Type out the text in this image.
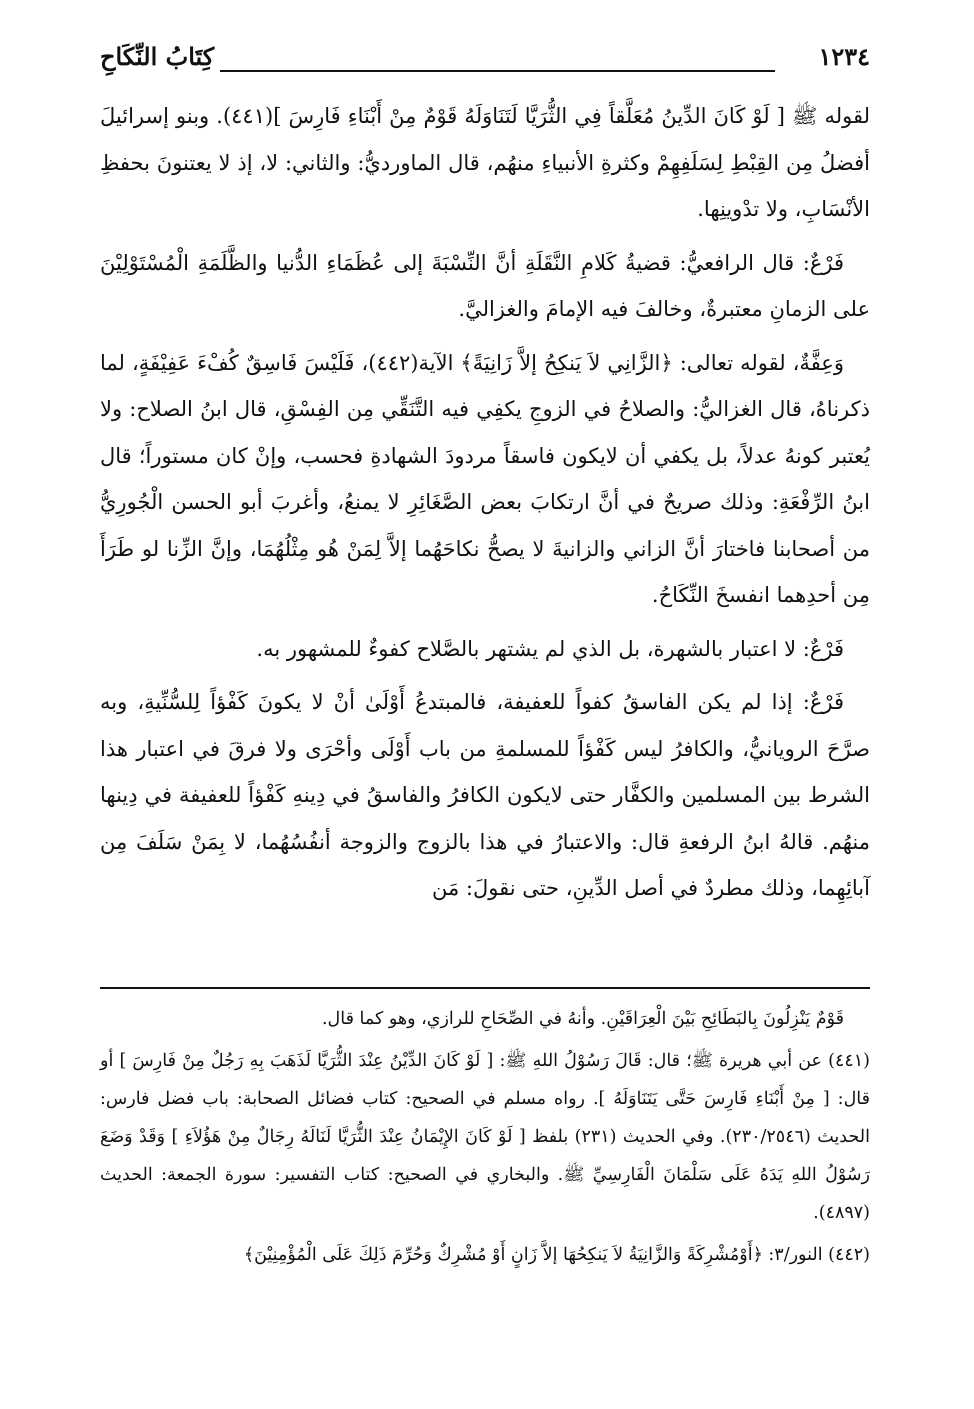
١٢٣٤
كِتَابُ النِّكَاحِ

لقوله ﷺ [ لَوْ كَانَ الدِّينُ مُعَلَّقاً فِي الثُّرَيَّا لَتَنَاوَلَهُ قَوْمٌ مِنْ أَبْنَاءِ فَارِسَ ](٤٤١). وبنو إسرائيلَ أفضلُ مِن القِبْطِ لِسَلَفِهِمْ وكثرةِ الأنبياءِ منهُم، قال الماورديُّ: والثاني: لا، إذ لا يعتنونَ بحفظِ الأنْسَابِ، ولا تدْوينِها.

فَرْعٌ: قال الرافعيُّ: قضيةُ كَلامِ النَّقَلَةِ أنَّ النِّسْبَةَ إلى عُظَمَاءِ الدُّنيا والظَّلَمَةِ الْمُسْتَوْلِيْنَ على الزمانِ معتبرةٌ، وخالفَ فيه الإمامَ والغزاليَّ.

وَعِفَّةٌ، لقوله تعالى: ﴿الزَّانِي لاَ يَنكِحُ إلاَّ زَانِيَةً﴾ الآية(٤٤٢)، فَلَيْسَ فَاسِقٌ كُفْءَ عَفِيْفَةٍ، لما ذكرناهُ، قال الغزاليُّ: والصلاحُ في الزوجِ يكفِي فيه التَّنَقِّي مِن الفِسْقِ، قال ابنُ الصلاح: ولا يُعتبر كونهُ عدلاً، بل يكفي أن لايكون فاسقاً مردودَ الشهادةِ فحسب، وإنْ كان مستوراً؛ قال ابنُ الرِّفْعَةِ: وذلك صريحٌ في أنَّ ارتكابَ بعض الصَّغَائِرِ لا يمنعُ، وأغربَ أبو الحسن الْجُورِيُّ من أصحابنا فاختارَ أنَّ الزاني والزانيةَ لا يصحُّ نكاحَهُما إلاَّ لِمَنْ هُو مِثْلُهُمَا، وإنَّ الزِّنا لو طَرَأَ مِن أحدِهما انفسخَ النِّكَاحُ.

فَرْعٌ: لا اعتبار بالشهرة، بل الذي لم يشتهر بالصَّلاح كفوءٌ للمشهور به.

فَرْعٌ: إذا لم يكن الفاسقُ كفواً للعفيفة، فالمبتدعُ أَوْلَىٰ أنْ لا يكونَ كَفْؤاً لِلسُّنِّيةِ، وبه صرَّحَ الرويانيُّ، والكافرُ ليس كَفْؤاً للمسلمةِ من باب أَوْلَى وأحْرَى ولا فرقَ في اعتبار هذا الشرط بين المسلمين والكفَّار حتى لايكون الكافرُ والفاسقُ في دِينهِ كَفْؤاً للعفيفة في دِينها منهُم. قالهُ ابنُ الرفعةِ قال: والاعتبارُ في هذا بالزوج والزوجة أنفُسُهُما، لا بِمَنْ سَلَفَ مِن آبائِهِما، وذلك مطردٌ في أصل الدِّينِ، حتى نقولَ: مَن

قَوْمٌ يَنْزِلُونَ بِالبَطَائِحِ بَيْنَ الْعِرَاقَيْنِ. وأنهُ في الصِّحَاحِ للرازي، وهو كما قال.

(٤٤١) عن أبي هريرة ﷺ؛ قال: قَالَ رَسُوْلُ اللهِ ﷺ: [ لَوْ كَانَ الدِّيْنُ عِنْدَ الثُّرَيَّا لَذَهَبَ بِهِ رَجُلٌ مِنْ فَارِسَ ] أو قال: [ مِنْ أَبْنَاءِ فَارِسَ حَتَّى يَتَنَاوَلَهُ ]. رواه مسلم في الصحيح: كتاب فضائل الصحابة: باب فضل فارس: الحديث (٢٣٠/٢٥٤٦). وفي الحديث (٢٣١) بلفظ [ لَوْ كَانَ الإِيْمَانُ عِنْدَ الثُّرَيَّا لَنَالَهُ رِجَالٌ مِنْ هَؤُلاَءِ ] وَقَدْ وَضَعَ رَسُوْلُ اللهِ يَدَهُ عَلَى سَلْمَانَ الْفَارِسِيِّ ﷺ. والبخاري في الصحيح: كتاب التفسير: سورة الجمعة: الحديث (٤٨٩٧).

(٤٤٢) النور/٣: ﴿أَوْمُشْرِكَةً وَالزَّانِيَةُ لاَ يَنكِحُهَا إلاَّ زَانٍ أَوْ مُشْرِكٌ وَحُرِّمَ ذَلِكَ عَلَى الْمُؤْمِنِيْنَ﴾
